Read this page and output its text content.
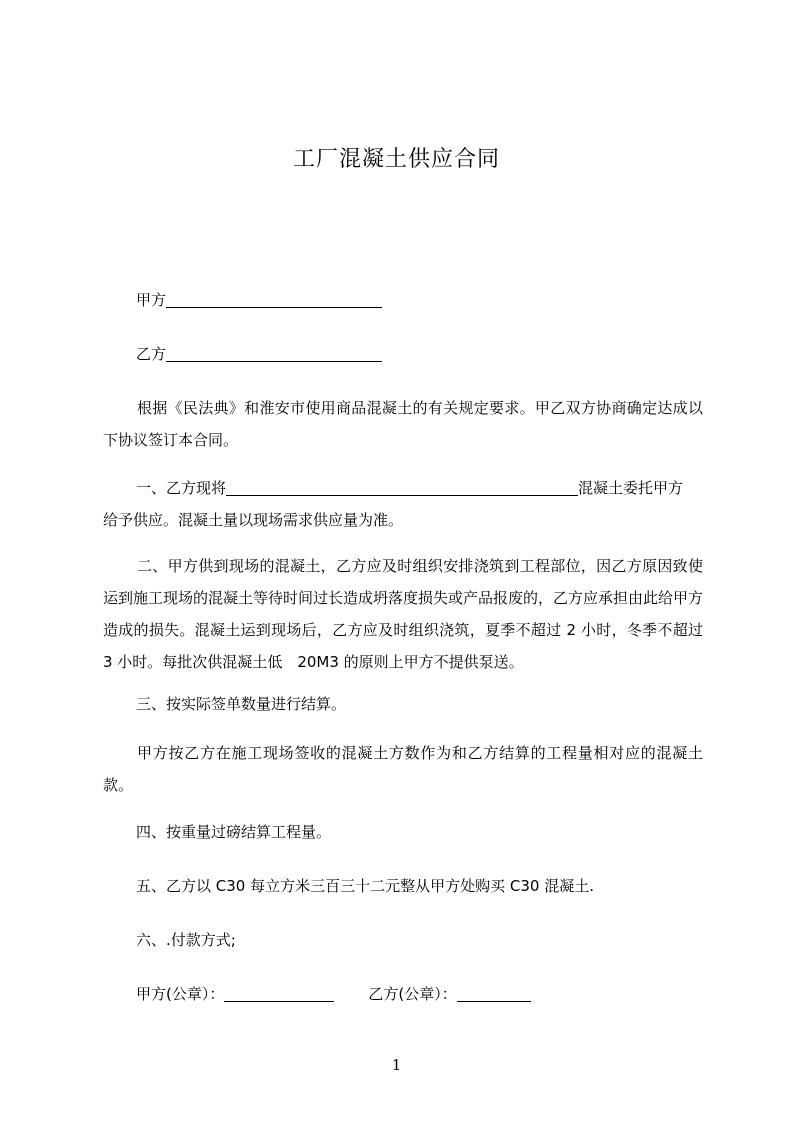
工厂混凝土供应合同
甲方
乙方
根据《民法典》和淮安市使用商品混凝土的有关规定要求。甲乙双方协商确定达成以下协议签订本合同。
一、乙方现将	混凝土委托甲方
给予供应。混凝土量以现场需求供应量为准。
二、甲方供到现场的混凝土，乙方应及时组织安排浇筑到工程部位，因乙方原因致使运到施工现场的混凝土等待时间过长造成坍落度损失或产品报废的，乙方应承担由此给甲方造成的损失。混凝土运到现场后，乙方应及时组织浇筑，夏季不超过 2 小时，冬季不超过 3 小时。每批次供混凝土低　20M3 的原则上甲方不提供泵送。
三、按实际签单数量进行结算。
甲方按乙方在施工现场签收的混凝土方数作为和乙方结算的工程量相对应的混凝土款。
四、按重量过磅结算工程量。
五、乙方以 C30 每立方米三百三十二元整从甲方处购买 C30 混凝土.
六、.付款方式;
甲方(公章）：	乙方(公章）：
1
